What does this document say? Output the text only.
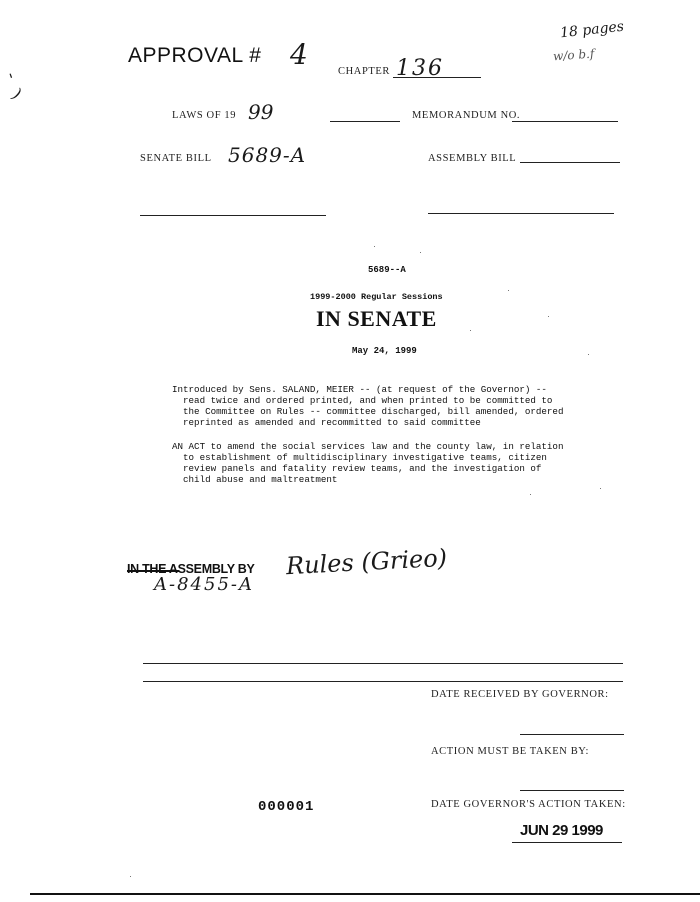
'
)
APPROVAL # 4
18 pages
w/o b.f
CHAPTER 136
LAWS OF 19 99	MEMORANDUM NO.
SENATE BILL 5689-A	ASSEMBLY BILL
5689--A
1999-2000 Regular Sessions
IN SENATE
May 24, 1999
Introduced by Sens. SALAND, MEIER -- (at request of the Governor) --
read twice and ordered printed, and when printed to be committed to
the Committee on Rules -- committee discharged, bill amended, ordered
reprinted as amended and recommitted to said committee
AN ACT to amend the social services law and the county law, in relation
to establishment of multidisciplinary investigative teams, citizen
review panels and fatality review teams, and the investigation of
child abuse and maltreatment
IN THE ASSEMBLY BY Rules (Grieo)
A-8455-A
DATE RECEIVED BY GOVERNOR:
ACTION MUST BE TAKEN BY:
000001	DATE GOVERNOR'S ACTION TAKEN:
JUN 29 1999
